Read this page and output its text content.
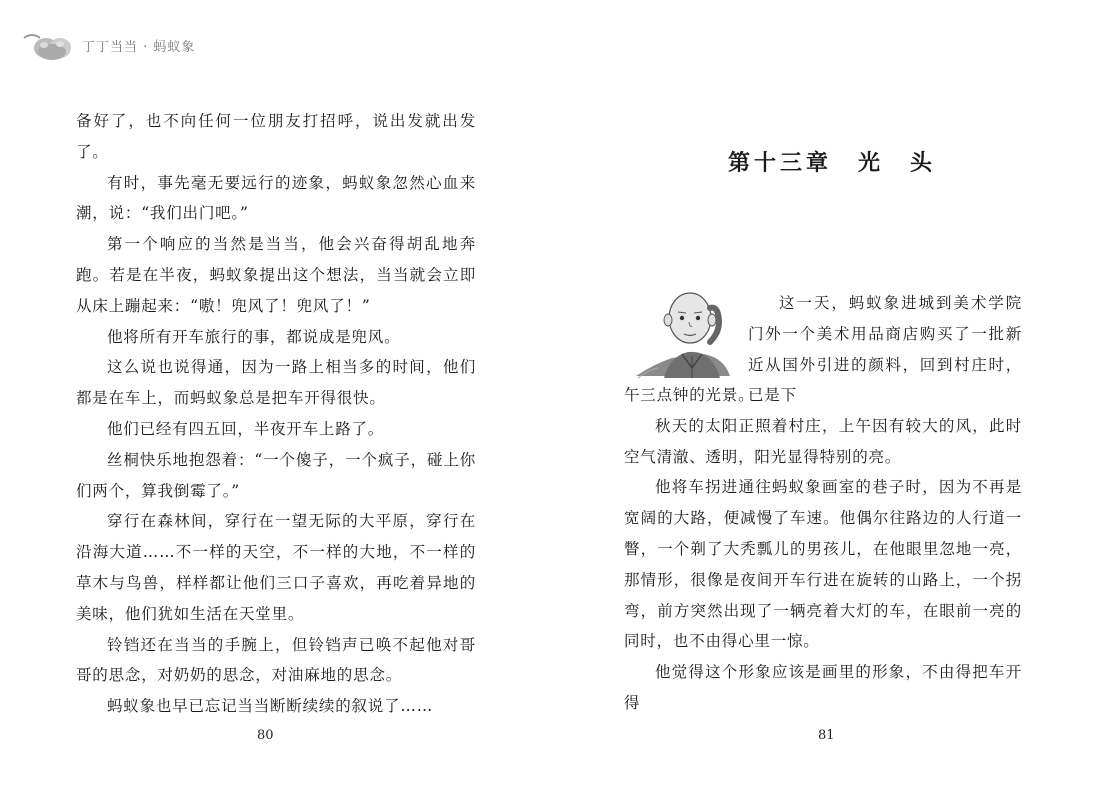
丁丁当当 · 蚂蚁象

备好了，也不向任何一位朋友打招呼，说出发就出发了。

有时，事先毫无要远行的迹象，蚂蚁象忽然心血来潮，说：“我们出门吧。”

第一个响应的当然是当当，他会兴奋得胡乱地奔跑。若是在半夜，蚂蚁象提出这个想法，当当就会立即从床上蹦起来：“嗷！兜风了！兜风了！”

他将所有开车旅行的事，都说成是兜风。

这么说也说得通，因为一路上相当多的时间，他们都是在车上，而蚂蚁象总是把车开得很快。

他们已经有四五回，半夜开车上路了。

丝桐快乐地抱怨着：“一个傻子，一个疯子，碰上你们两个，算我倒霉了。”

穿行在森林间，穿行在一望无际的大平原，穿行在沿海大道……不一样的天空，不一样的大地，不一样的草木与鸟兽，样样都让他们三口子喜欢，再吃着异地的美味，他们犹如生活在天堂里。

铃铛还在当当的手腕上，但铃铛声已唤不起他对哥哥的思念，对奶奶的思念，对油麻地的思念。

蚂蚁象也早已忘记当当断断续续的叙说了……

80
第十三章　光　头

这一天，蚂蚁象进城到美术学院门外一个美术用品商店购买了一批新近从国外引进的颜料，回到村庄时，已是下

午三点钟的光景。

秋天的太阳正照着村庄，上午因有较大的风，此时空气清澈、透明，阳光显得特别的亮。

他将车拐进通往蚂蚁象画室的巷子时，因为不再是宽阔的大路，便减慢了车速。他偶尔往路边的人行道一瞥，一个剃了大秃瓢儿的男孩儿，在他眼里忽地一亮，那情形，很像是夜间开车行进在旋转的山路上，一个拐弯，前方突然出现了一辆亮着大灯的车，在眼前一亮的同时，也不由得心里一惊。

他觉得这个形象应该是画里的形象，不由得把车开得

81
